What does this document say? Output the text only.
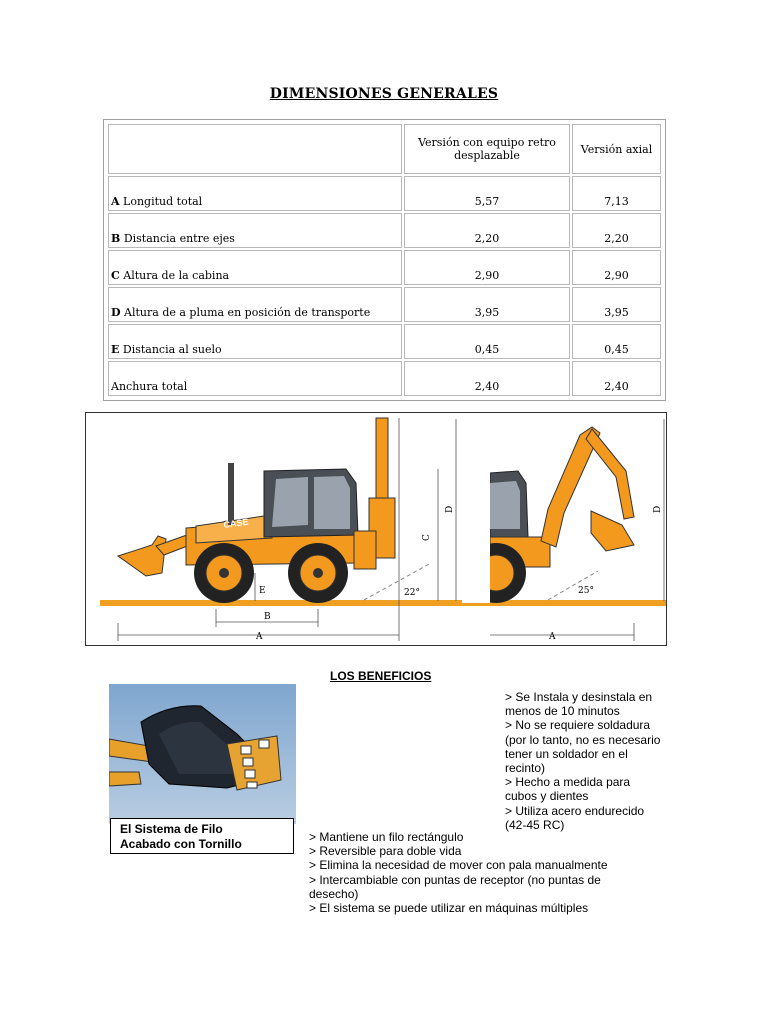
DIMENSIONES GENERALES
	Versión con equipo retro desplazable	Versión axial
A Longitud total	5,57	7,13
B Distancia entre ejes	2,20	2,20
C Altura de la cabina	2,90	2,90
D Altura de a pluma en posición de transporte	3,95	3,95
E Distancia al suelo	0,45	0,45
Anchura total	2,40	2,40
CASE
A
B
E
C
D
A
D
22°	25°
LOS BENEFICIOS
El Sistema de Filo
Acabado con Tornillo

> Se Instala y desinstala en menos de 10 minutos

> No se requiere soldadura (por lo tanto, no es necesario tener un soldador en el recinto)

> Hecho a medida para cubos y dientes

> Utiliza acero endurecido (42-45 RC)

> Mantiene un filo rectángulo

> Reversible para doble vida

> Elimina la necesidad de mover con pala manualmente

> Intercambiable con puntas de receptor (no puntas de desecho)

> El sistema se puede utilizar en máquinas múltiples
